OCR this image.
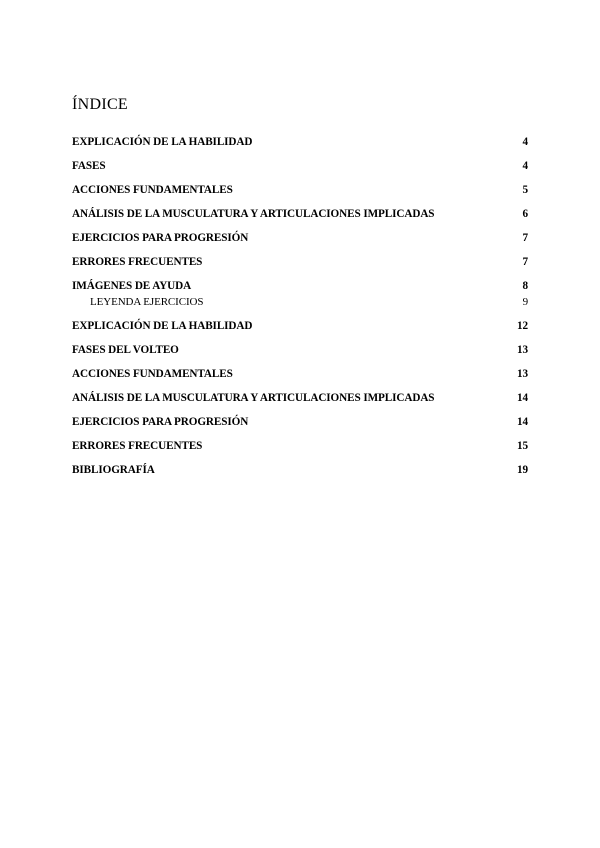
ÍNDICE
EXPLICACIÓN DE LA HABILIDAD	4
FASES	4
ACCIONES FUNDAMENTALES	5
ANÁLISIS DE LA MUSCULATURA Y ARTICULACIONES IMPLICADAS	6
EJERCICIOS PARA PROGRESIÓN	7
ERRORES FRECUENTES	7
IMÁGENES DE AYUDA	8
LEYENDA EJERCICIOS	9
EXPLICACIÓN DE LA HABILIDAD	12
FASES DEL VOLTEO	13
ACCIONES FUNDAMENTALES	13
ANÁLISIS DE LA MUSCULATURA Y ARTICULACIONES IMPLICADAS	14
EJERCICIOS PARA PROGRESIÓN	14
ERRORES FRECUENTES	15
BIBLIOGRAFÍA	19
